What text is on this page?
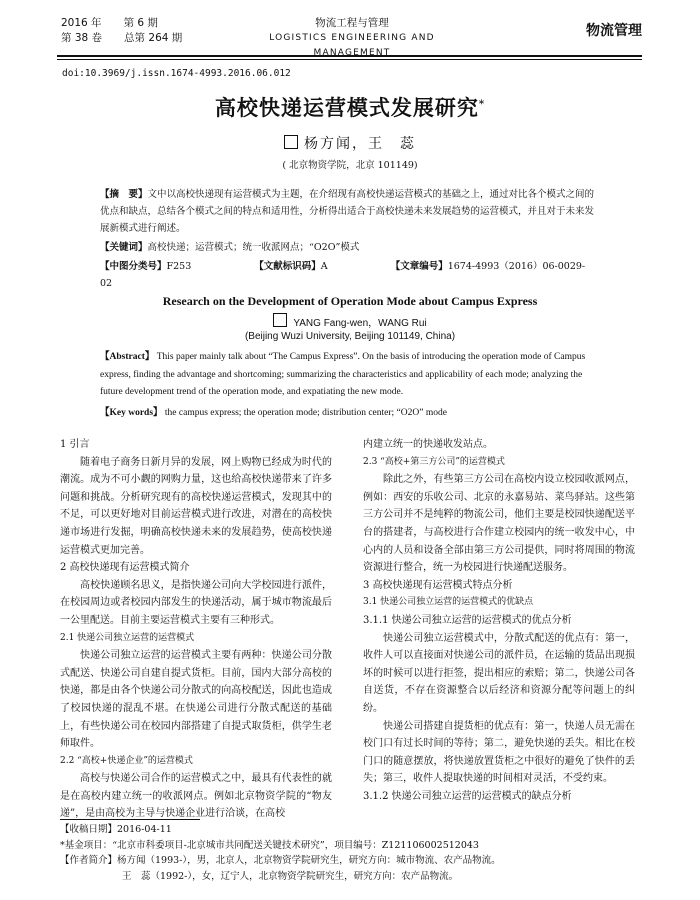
2016 年 第 6 期
第 38 卷 总第 264 期
物流工程与管理
LOGISTICS ENGINEERING AND MANAGEMENT
物流管理
doi:10.3969/j.issn.1674-4993.2016.06.012
高校快递运营模式发展研究*
杨方闻，王　蕊
( 北京物资学院，北京 101149)
【摘　要】文中以高校快递现有运营模式为主题，在介绍现有高校快递运营模式的基础之上，通过对比各个模式之间的优点和缺点，总结各个模式之间的特点和适用性，分析得出适合于高校快递未来发展趋势的运营模式，并且对于未来发展新模式进行阐述。
【关键词】高校快递；运营模式；统一收派网点；“O2O”模式
【中图分类号】F253	【文献标识码】A	【文章编号】1674-4993（2016）06-0029-02
Research on the Development of Operation Mode about Campus Express
YANG Fang-wen，WANG Rui
(Beijing Wuzi University, Beijing 101149, China)
【Abstract】 This paper mainly talk about “The Campus Express”. On the basis of introducing the operation mode of Campus express, finding the advantage and shortcoming; summarizing the characteristics and applicability of each mode; analyzing the future development trend of the operation mode, and expatiating the new mode.
【Key words】 the campus express; the operation mode; distribution center; “O2O” mode
1 引言
随着电子商务日新月异的发展，网上购物已经成为时代的潮流。成为不可小觑的网购力量，这也给高校快递带来了许多问题和挑战。分析研究现有的高校快递运营模式，发现其中的不足，可以更好地对目前运营模式进行改进，对潜在的高校快递市场进行发掘，明确高校快递未来的发展趋势，使高校快递运营模式更加完善。
2 高校快递现有运营模式简介
高校快递顾名思义，是指快递公司向大学校园进行派件，在校园周边或者校园内部发生的快递活动，属于城市物流最后一公里配送。目前主要运营模式主要有三种形式。
2.1 快递公司独立运营的运营模式
快递公司独立运营的运营模式主要有两种：快递公司分散式配送、快递公司自建自提式货柜。目前，国内大部分高校的快递，都是由各个快递公司分散式的向高校配送，因此也造成了校园快递的混乱不堪。在快递公司进行分散式配送的基础上，有些快递公司在校园内部搭建了自提式取货柜，供学生老师取件。
2.2 “高校+快递企业”的运营模式
高校与快递公司合作的运营模式之中，最具有代表性的就是在高校内建立统一的收派网点。例如北京物资学院的“物友递”，是由高校为主导与快递企业进行洽谈，在高校
内建立统一的快递收发站点。
2.3 “高校+第三方公司”的运营模式
除此之外，有些第三方公司在高校内设立校园收派网点，例如：西安的乐收公司、北京的永嘉易站、菜鸟驿站。这些第三方公司并不是纯粹的物流公司，他们主要是校园快递配送平台的搭建者，与高校进行合作建立校园内的统一收发中心，中心内的人员和设备全部由第三方公司提供，同时将周围的物流资源进行整合，统一为校园进行快递配送服务。
3 高校快递现有运营模式特点分析
3.1 快递公司独立运营的运营模式的优缺点
3.1.1 快递公司独立运营的运营模式的优点分析
快递公司独立运营模式中，分散式配送的优点有：第一，收件人可以直接面对快递公司的派件员，在运输的货品出现损坏的时候可以进行拒签，提出相应的索赔；第二，快递公司各自送货，不存在资源整合以后经济和资源分配等问题上的纠纷。
快递公司搭建自提货柜的优点有：第一，快递人员无需在校门口有过长时间的等待；第二，避免快递的丢失。相比在校门口的随意摆放，将快递放置货柜之中很好的避免了快件的丢失；第三，收件人提取快递的时间相对灵活，不受约束。
3.1.2 快递公司独立运营的运营模式的缺点分析
【收稿日期】2016-04-11
*基金项目：“北京市科委项目-北京城市共同配送关键技术研究”，项目编号：Z121106002512043
【作者简介】杨方闻（1993-），男，北京人，北京物资学院研究生，研究方向：城市物流、农产品物流。
王　蕊（1992-），女，辽宁人，北京物资学院研究生，研究方向：农产品物流。
